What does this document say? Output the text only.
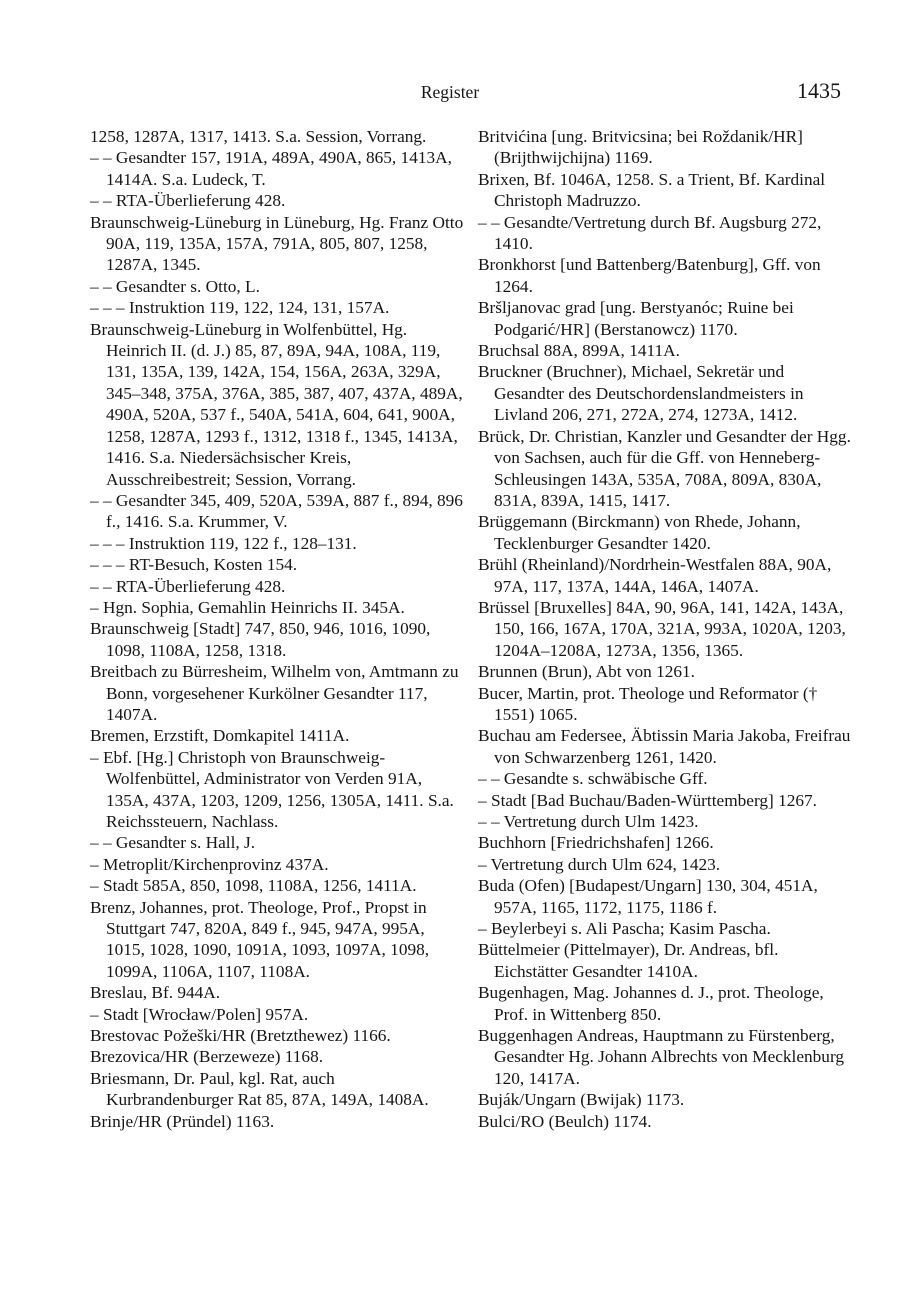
Register	1435
1258, 1287A, 1317, 1413. S.a. Session, Vorrang.
– – Gesandter 157, 191A, 489A, 490A, 865, 1413A, 1414A. S.a. Ludeck, T.
– – RTA-Überlieferung 428.
Braunschweig-Lüneburg in Lüneburg, Hg. Franz Otto 90A, 119, 135A, 157A, 791A, 805, 807, 1258, 1287A, 1345.
– – Gesandter s. Otto, L.
– – – Instruktion 119, 122, 124, 131, 157A.
Braunschweig-Lüneburg in Wolfenbüttel, Hg. Heinrich II. (d. J.) 85, 87, 89A, 94A, 108A, 119, 131, 135A, 139, 142A, 154, 156A, 263A, 329A, 345–348, 375A, 376A, 385, 387, 407, 437A, 489A, 490A, 520A, 537 f., 540A, 541A, 604, 641, 900A, 1258, 1287A, 1293 f., 1312, 1318 f., 1345, 1413A, 1416. S.a. Niedersächsischer Kreis, Ausschreibestreit; Session, Vorrang.
– – Gesandter 345, 409, 520A, 539A, 887 f., 894, 896 f., 1416. S.a. Krummer, V.
– – – Instruktion 119, 122 f., 128–131.
– – – RT-Besuch, Kosten 154.
– – RTA-Überlieferung 428.
– Hgn. Sophia, Gemahlin Heinrichs II. 345A.
Braunschweig [Stadt] 747, 850, 946, 1016, 1090, 1098, 1108A, 1258, 1318.
Breitbach zu Bürresheim, Wilhelm von, Amtmann zu Bonn, vorgesehener Kurkölner Gesandter 117, 1407A.
Bremen, Erzstift, Domkapitel 1411A.
– Ebf. [Hg.] Christoph von Braunschweig-Wolfenbüttel, Administrator von Verden 91A, 135A, 437A, 1203, 1209, 1256, 1305A, 1411. S.a. Reichssteuern, Nachlass.
– – Gesandter s. Hall, J.
– Metroplit/Kirchenprovinz 437A.
– Stadt 585A, 850, 1098, 1108A, 1256, 1411A.
Brenz, Johannes, prot. Theologe, Prof., Propst in Stuttgart 747, 820A, 849 f., 945, 947A, 995A, 1015, 1028, 1090, 1091A, 1093, 1097A, 1098, 1099A, 1106A, 1107, 1108A.
Breslau, Bf. 944A.
– Stadt [Wrocław/Polen] 957A.
Brestovac Požeški/HR (Bretzthewez) 1166.
Brezovica/HR (Berzeweze) 1168.
Briesmann, Dr. Paul, kgl. Rat, auch Kurbrandenburger Rat 85, 87A, 149A, 1408A.
Brinje/HR (Pründel) 1163.
Britvićina [ung. Britvicsina; bei Roždanik/HR] (Brijthwijchijna) 1169.
Brixen, Bf. 1046A, 1258. S. a Trient, Bf. Kardinal Christoph Madruzzo.
– – Gesandte/Vertretung durch Bf. Augsburg 272, 1410.
Bronkhorst [und Battenberg/Batenburg], Gff. von 1264.
Bršljanovac grad [ung. Berstyanóc; Ruine bei Podgarić/HR] (Berstanowcz) 1170.
Bruchsal 88A, 899A, 1411A.
Bruckner (Bruchner), Michael, Sekretär und Gesandter des Deutschordenslandmeisters in Livland 206, 271, 272A, 274, 1273A, 1412.
Brück, Dr. Christian, Kanzler und Gesandter der Hgg. von Sachsen, auch für die Gff. von Henneberg-Schleusingen 143A, 535A, 708A, 809A, 830A, 831A, 839A, 1415, 1417.
Brüggemann (Birckmann) von Rhede, Johann, Tecklenburger Gesandter 1420.
Brühl (Rheinland)/Nordrhein-Westfalen 88A, 90A, 97A, 117, 137A, 144A, 146A, 1407A.
Brüssel [Bruxelles] 84A, 90, 96A, 141, 142A, 143A, 150, 166, 167A, 170A, 321A, 993A, 1020A, 1203, 1204A–1208A, 1273A, 1356, 1365.
Brunnen (Brun), Abt von 1261.
Bucer, Martin, prot. Theologe und Reformator († 1551) 1065.
Buchau am Federsee, Äbtissin Maria Jakoba, Freifrau von Schwarzenberg 1261, 1420.
– – Gesandte s. schwäbische Gff.
– Stadt [Bad Buchau/Baden-Württemberg] 1267.
– – Vertretung durch Ulm 1423.
Buchhorn [Friedrichshafen] 1266.
– Vertretung durch Ulm 624, 1423.
Buda (Ofen) [Budapest/Ungarn] 130, 304, 451A, 957A, 1165, 1172, 1175, 1186 f.
– Beylerbeyi s. Ali Pascha; Kasim Pascha.
Büttelmeier (Pittelmayer), Dr. Andreas, bfl. Eichstätter Gesandter 1410A.
Bugenhagen, Mag. Johannes d. J., prot. Theologe, Prof. in Wittenberg 850.
Buggenhagen Andreas, Hauptmann zu Fürstenberg, Gesandter Hg. Johann Albrechts von Mecklenburg 120, 1417A.
Buják/Ungarn (Bwijak) 1173.
Bulci/RO (Beulch) 1174.
